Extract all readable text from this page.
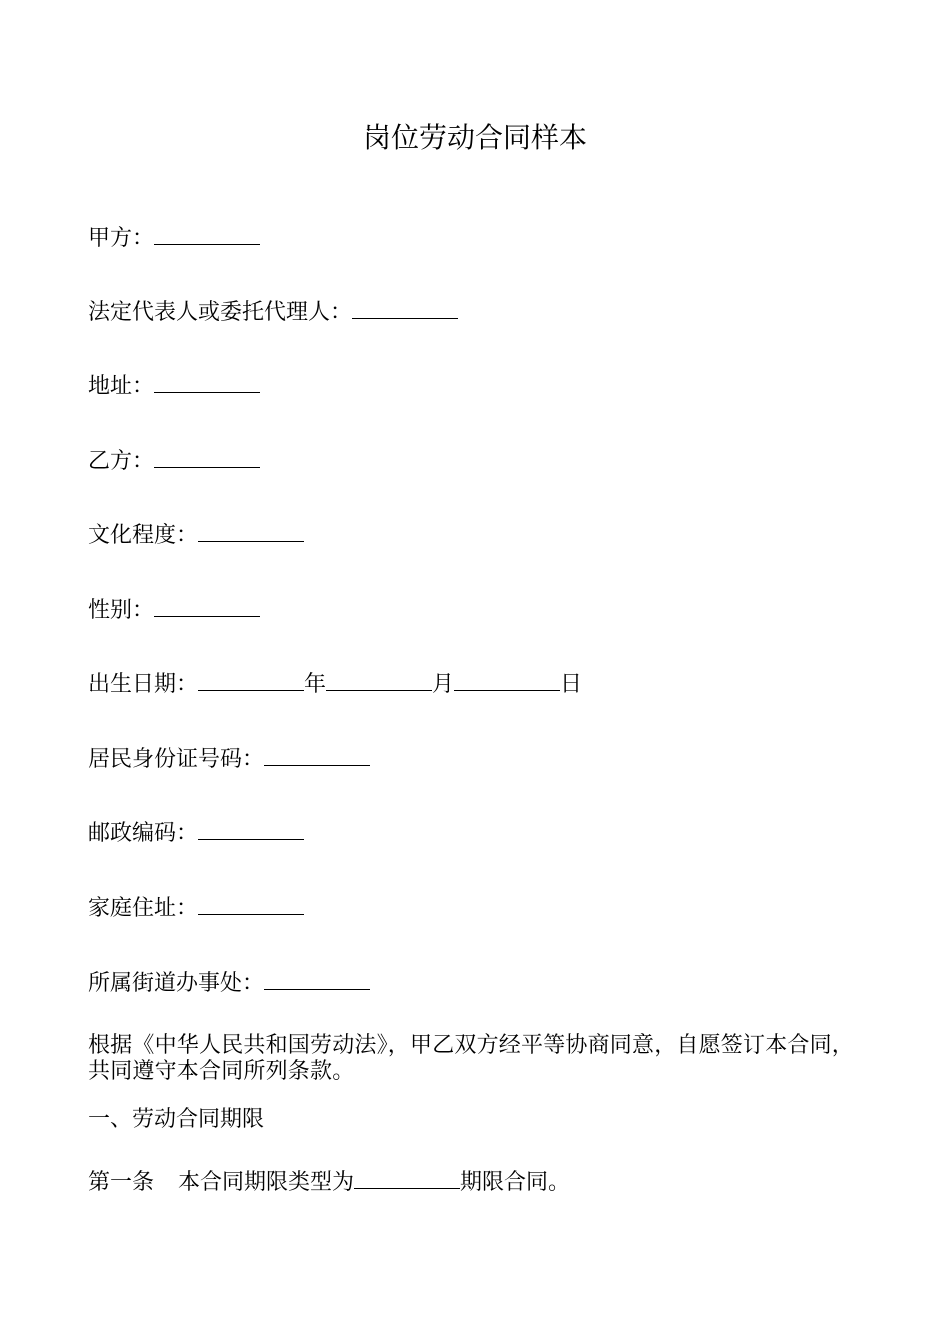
岗位劳动合同样本
甲方：
法定代表人或委托代理人：
地址：
乙方：
文化程度：
性别：
出生日期：	年	月	日
居民身份证号码：
邮政编码：
家庭住址：
所属街道办事处：
根据《中华人民共和国劳动法》，甲乙双方经平等协商同意，自愿签订本合同，共同遵守本合同所列条款。
一、劳动合同期限
第一条 本合同期限类型为	期限合同。
